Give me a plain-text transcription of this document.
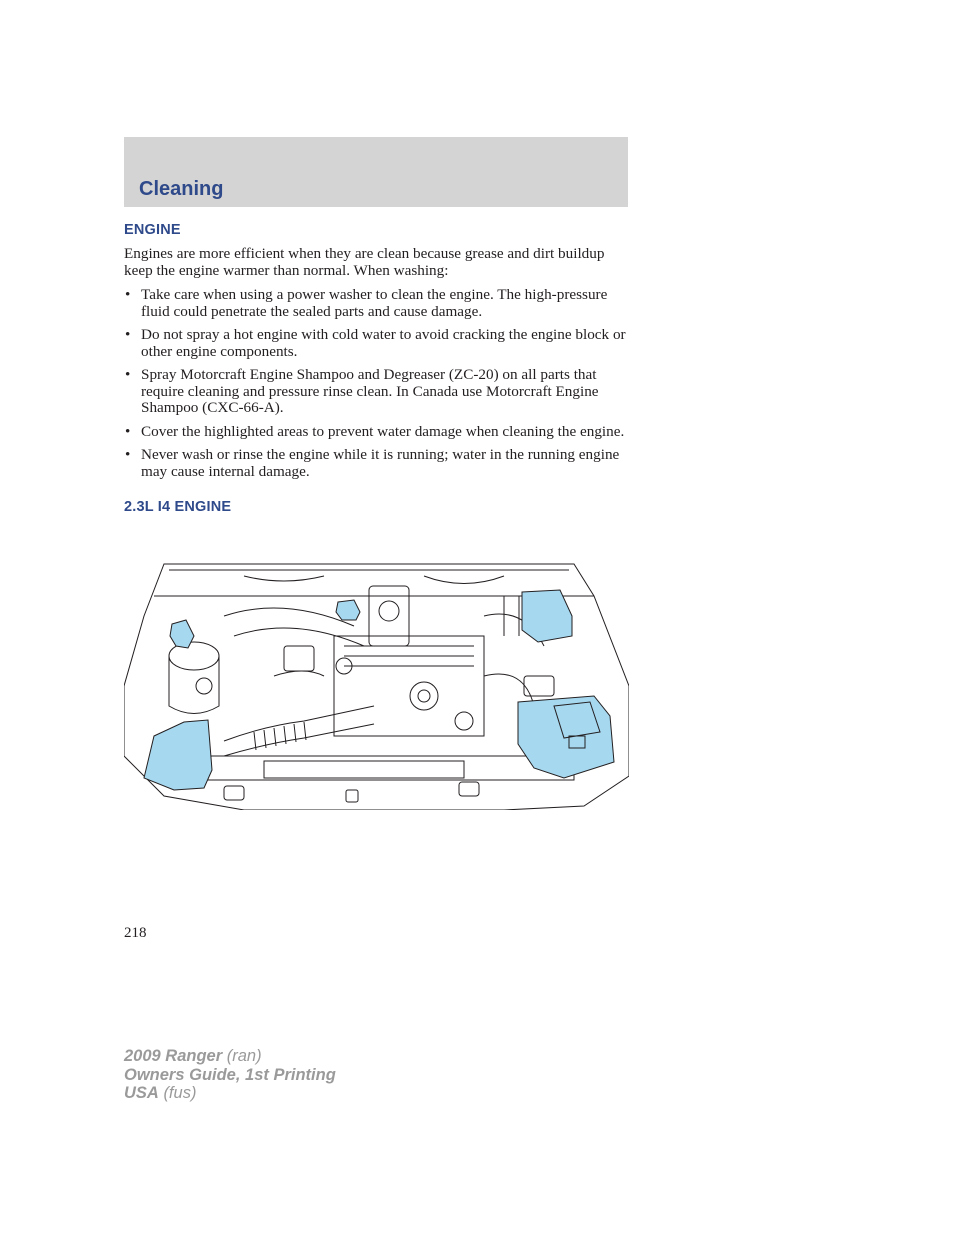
Cleaning
ENGINE

Engines are more efficient when they are clean because grease and dirt buildup keep the engine warmer than normal. When washing:

• Take care when using a power washer to clean the engine. The high-pressure fluid could penetrate the sealed parts and cause damage.
• Do not spray a hot engine with cold water to avoid cracking the engine block or other engine components.
• Spray Motorcraft Engine Shampoo and Degreaser (ZC-20) on all parts that require cleaning and pressure rinse clean. In Canada use Motorcraft Engine Shampoo (CXC-66-A).
• Cover the highlighted areas to prevent water damage when cleaning the engine.
• Never wash or rinse the engine while it is running; water in the running engine may cause internal damage.
2.3L I4 ENGINE
218
2009 Ranger (ran)
Owners Guide, 1st Printing
USA (fus)
